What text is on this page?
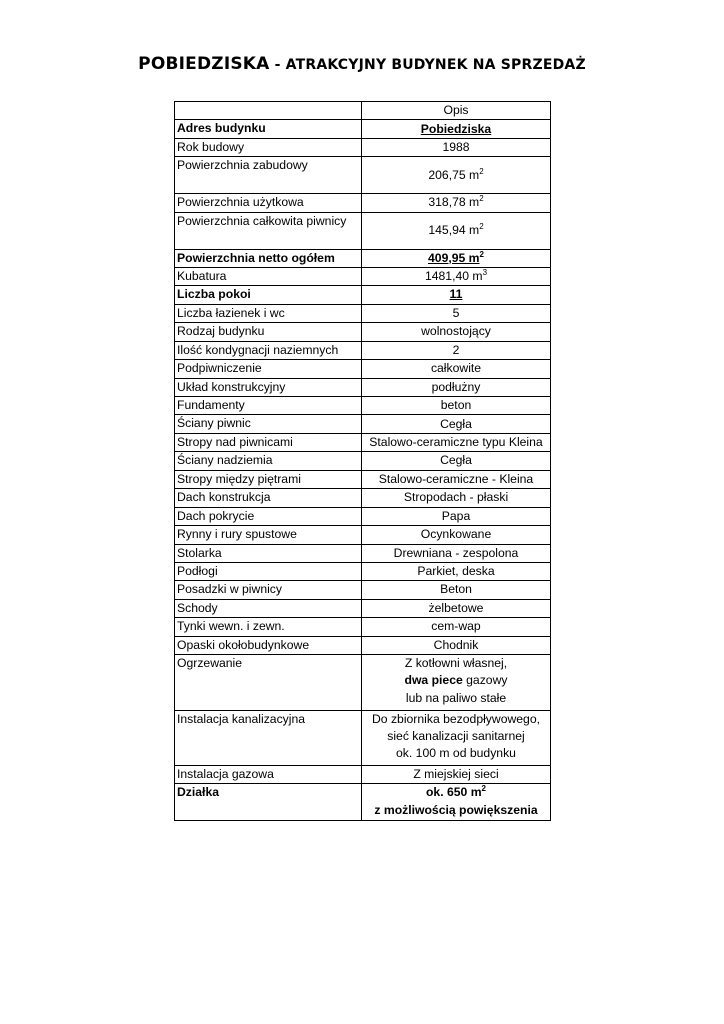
POBIEDZISKA - ATRAKCYJNY BUDYNEK NA SPRZEDAŻ
	Opis
Adres budynku	Pobiedziska
Rok budowy	1988
Powierzchnia zabudowy	206,75 $m^2$
Powierzchnia użytkowa	318,78 $m^2$
Powierzchnia całkowita piwnicy	145,94 $m^2$
Powierzchnia netto ogółem	409,95 $m^2$
Kubatura	1481,40 $m^3$
Liczba pokoi	11
Liczba łazienek i wc	5
Rodzaj budynku	wolnostojący
Ilość kondygnacji naziemnych	2
Podpiwniczenie	całkowite
Układ konstrukcyjny	podłużny
Fundamenty	beton
Ściany piwnic	Cegła
Stropy nad piwnicami	Stalowo-ceramiczne typu Kleina
Ściany nadziemia	Cegła
Stropy między piętrami	Stalowo-ceramiczne - Kleina
Dach konstrukcja	Stropodach - płaski
Dach pokrycie	Papa
Rynny i rury spustowe	Ocynkowane
Stolarka	Drewniana - zespolona
Podłogi	Parkiet, deska
Posadzki w piwnicy	Beton
Schody	żelbetowe
Tynki wewn. i zewn.	cem-wap
Opaski okołobudynkowe	Chodnik
Ogrzewanie	Z kotłowni własnej,
dwa piece gazowy
lub na paliwo stałe

Instalacja kanalizacyjna	Do zbiornika bezodpływowego,
sieć kanalizacji sanitarnej
ok. 100 m od budynku

Instalacja gazowa	Z miejskiej sieci
Działka	ok. 650 $m^2$
z możliwością powiększenia
